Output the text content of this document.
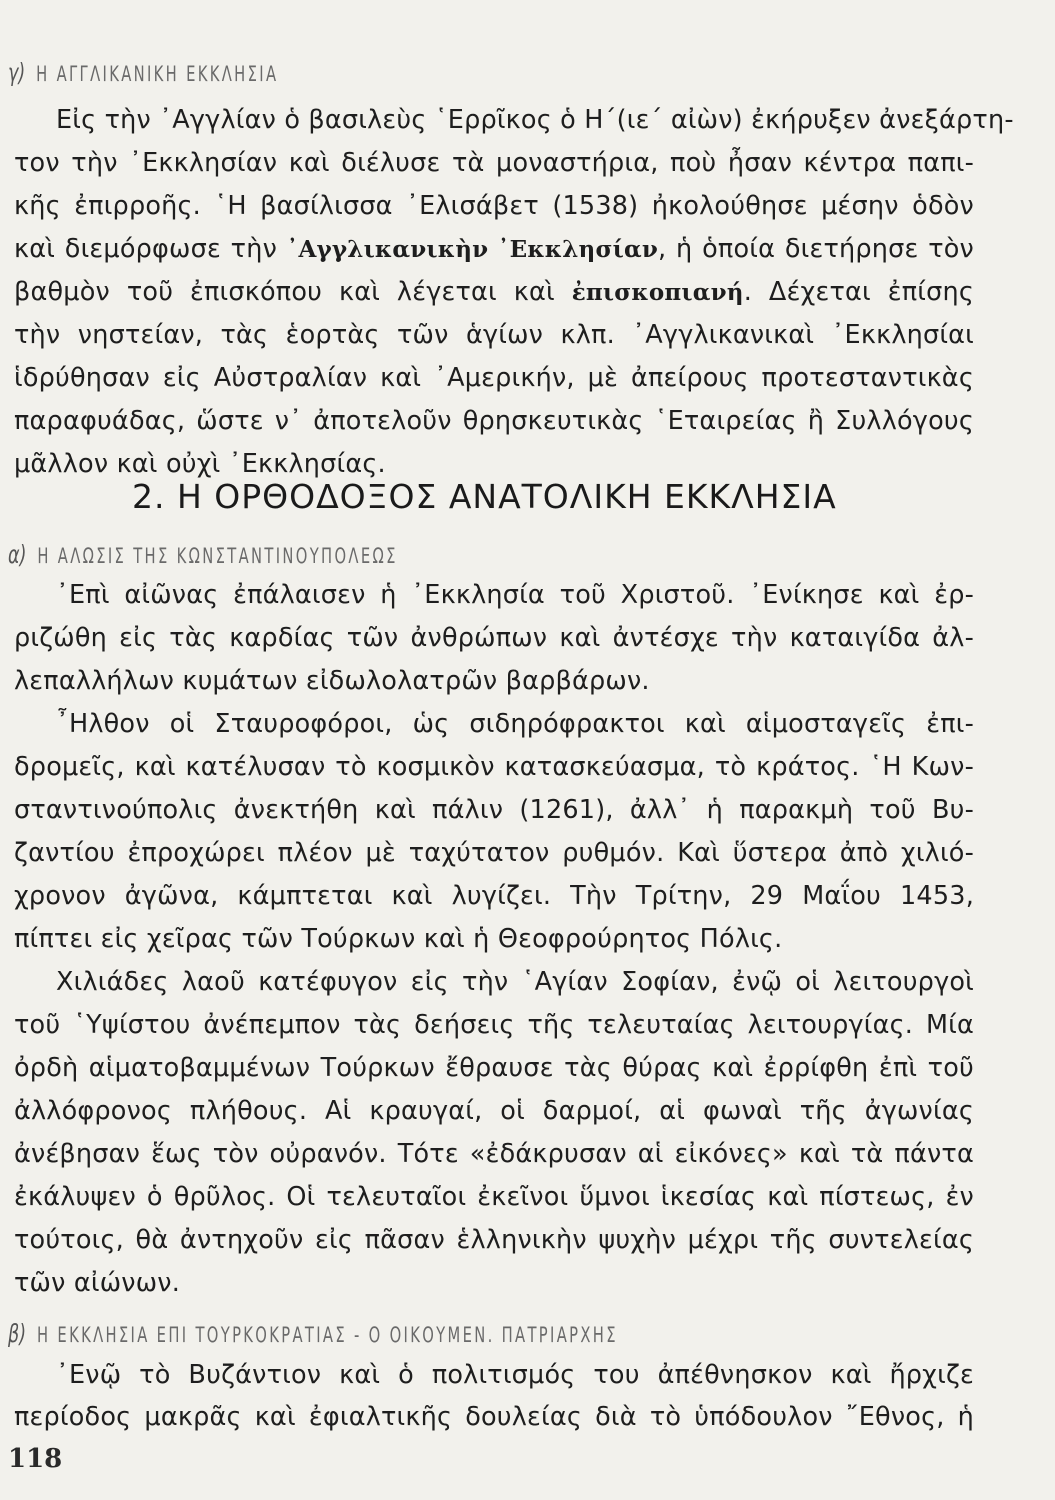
γ) Η ΑΓΓΛΙΚΑΝΙΚΗ ΕΚΚΛΗΣΙΑ
Εἰς τὴν ᾿Αγγλίαν ὁ βασιλεὺς ῾Ερρῖκος ὁ Η΄(ιε΄ αἰὼν) ἐκήρυξεν ἀνεξάρτη-
τον τὴν ᾿Εκκλησίαν καὶ διέλυσε τὰ μοναστήρια, ποὺ ἦσαν κέντρα παπι-
κῆς ἐπιρροῆς. ῾Η βασίλισσα ᾿Ελισάβετ (1538) ἠκολούθησε μέσην ὁδὸν
καὶ διεμόρφωσε τὴν ᾿Αγγλικανικὴν ᾿Εκκλησίαν, ἡ ὁποία διετήρησε τὸν
βαθμὸν τοῦ ἐπισκόπου καὶ λέγεται καὶ ἐπισκοπιανή. Δέχεται ἐπίσης
τὴν νηστείαν, τὰς ἑορτὰς τῶν ἁγίων κλπ. ᾿Αγγλικανικαὶ ᾿Εκκλησίαι
ἱδρύθησαν εἰς Αὐστραλίαν καὶ ᾿Αμερικήν, μὲ ἀπείρους προτεσταντικὰς
παραφυάδας, ὥστε ν᾿ ἀποτελοῦν θρησκευτικὰς ῾Εταιρείας ἢ Συλλόγους
μᾶλλον καὶ οὐχὶ ᾿Εκκλησίας.
2. Η ΟΡΘΟΔΟΞΟΣ ΑΝΑΤΟΛΙΚΗ ΕΚΚΛΗΣΙΑ
α) Η ΑΛΩΣΙΣ ΤΗΣ ΚΩΝΣΤΑΝΤΙΝΟΥΠΟΛΕΩΣ
᾿Επὶ αἰῶνας ἐπάλαισεν ἡ ᾿Εκκλησία τοῦ Χριστοῦ. ᾿Ενίκησε καὶ ἐρ-
ριζώθη εἰς τὰς καρδίας τῶν ἀνθρώπων καὶ ἀντέσχε τὴν καταιγίδα ἀλ-
λεπαλλήλων κυμάτων εἰδωλολατρῶν βαρβάρων.
῏Ηλθον οἱ Σταυροφόροι, ὡς σιδηρόφρακτοι καὶ αἱμοσταγεῖς ἐπι-
δρομεῖς, καὶ κατέλυσαν τὸ κοσμικὸν κατασκεύασμα, τὸ κράτος. ῾Η Κων-
σταντινούπολις ἀνεκτήθη καὶ πάλιν (1261), ἀλλ᾿ ἡ παρακμὴ τοῦ Βυ-
ζαντίου ἐπροχώρει πλέον μὲ ταχύτατον ρυθμόν. Καὶ ὕστερα ἀπὸ χιλιό-
χρονον ἀγῶνα, κάμπτεται καὶ λυγίζει. Τὴν Τρίτην, 29 Μαΐου 1453,
πίπτει εἰς χεῖρας τῶν Τούρκων καὶ ἡ Θεοφρούρητος Πόλις.
Χιλιάδες λαοῦ κατέφυγον εἰς τὴν ῾Αγίαν Σοφίαν, ἐνῷ οἱ λειτουργοὶ
τοῦ ῾Υψίστου ἀνέπεμπον τὰς δεήσεις τῆς τελευταίας λειτουργίας. Μία
ὀρδὴ αἱματοβαμμένων Τούρκων ἔθραυσε τὰς θύρας καὶ ἐρρίφθη ἐπὶ τοῦ
ἀλλόφρονος πλήθους. Αἱ κραυγαί, οἱ δαρμοί, αἱ φωναὶ τῆς ἀγωνίας
ἀνέβησαν ἕως τὸν οὐρανόν. Τότε «ἐδάκρυσαν αἱ εἰκόνες» καὶ τὰ πάντα
ἐκάλυψεν ὁ θρῦλος. Οἱ τελευταῖοι ἐκεῖνοι ὕμνοι ἱκεσίας καὶ πίστεως, ἐν
τούτοις, θὰ ἀντηχοῦν εἰς πᾶσαν ἑλληνικὴν ψυχὴν μέχρι τῆς συντελείας
τῶν αἰώνων.
β) Η ΕΚΚΛΗΣΙΑ ΕΠΙ ΤΟΥΡΚΟΚΡΑΤΙΑΣ - Ο ΟΙΚΟΥΜΕΝ. ΠΑΤΡΙΑΡΧΗΣ
᾿Ενῷ τὸ Βυζάντιον καὶ ὁ πολιτισμός του ἀπέθνησκον καὶ ἤρχιζε
περίοδος μακρᾶς καὶ ἐφιαλτικῆς δουλείας διὰ τὸ ὑπόδουλον ῎Εθνος, ἡ
118
